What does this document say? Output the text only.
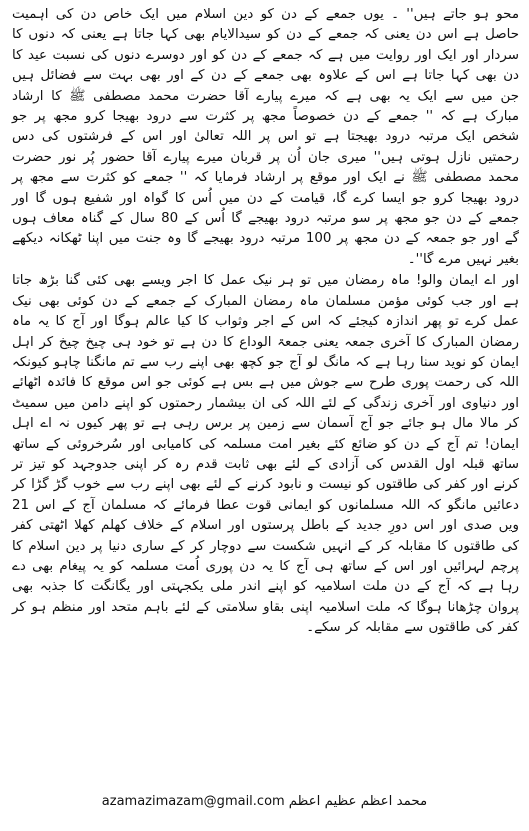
محو ہو جاتے ہیں'' ۔ یوں جمعے کے دن کو دین اسلام میں ایک خاص دن کی اہمیت حاصل ہے اس دن یعنی کہ جمعے کے دن کو سیدالایام بھی کہا جاتا ہے یعنی کہ دنوں کا سردار اور ایک اور روایت میں ہے کہ جمعے کے دن کو اور دوسرے دنوں کی نسبت عید کا دن بھی کہا جاتا ہے اس کے علاوہ بھی جمعے کے دن کے اور بھی بہت سے فضائل ہیں جن میں سے ایک یہ بھی ہے کہ میرے پیارے آقا حضرت محمد مصطفی ﷺ کا ارشاد مبارک ہے کہ '' جمعے کے دن خصوصاً مجھ پر کثرت سے درود بھیجا کرو مجھ پر جو شخص ایک مرتبہ درود بھیجتا ہے تو اس پر اللہ تعالیٰ اور اس کے فرشتوں کی دس رحمتیں نازل ہوتی ہیں'' میری جان اُن پر قربان میرے پیارے آقا حضور پُر نور حضرت محمد مصطفی ﷺ نے ایک اور موقع پر ارشاد فرمایا کہ '' جمعے کو کثرت سے مجھ پر درود بھیجا کرو جو ایسا کرے گا، قیامت کے دن میں اُس کا گواہ اور شفیع ہوں گا اور جمعے کے دن جو مجھ پر سو مرتبہ درود بھیجے گا اُس کے 80 سال کے گناہ معاف ہوں گے اور جو جمعہ کے دن مجھ پر 100 مرتبہ درود بھیجے گا وہ جنت میں اپنا ٹھکانہ دیکھے بغیر نہیں مرے گا''۔

اور اے ایمان والو! ماہ رمضان میں تو ہر نیک عمل کا اجر ویسے بھی کئی گنا بڑھ جاتا ہے اور جب کوئی مؤمن مسلمان ماہ رمضان المبارک کے جمعے کے دن کوئی بھی نیک عمل کرے تو پھر اندازہ کیجئے کہ اس کے اجر وثواب کا کیا عالم ہوگا اور آج کا یہ ماہ رمضان المبارک کا آخری جمعہ یعنی جمعۃ الوداع کا دن ہے تو خود ہی چیخ چیخ کر اہل ایمان کو نوید سنا رہا ہے کہ مانگ لو آج جو کچھ بھی اپنے رب سے تم مانگنا چاہو کیونکہ اللہ کی رحمت پوری طرح سے جوش میں ہے بس ہے کوئی جو اس موقع کا فائدہ اٹھائے اور دنیاوی اور آخری زندگی کے لئے اللہ کی ان بیشمار رحمتوں کو اپنے دامن میں سمیٹ کر مالا مال ہو جائے جو آج آسمان سے زمین پر برس رہی ہے تو پھر کیوں نہ اے اہل ایمان! تم آج کے دن کو ضائع کئے بغیر امت مسلمہ کی کامیابی اور سُرخروئی کے ساتھ ساتھ قبلہ اول القدس کی آزادی کے لئے بھی ثابت قدم رہ کر اپنی جدوجہد کو تیز تر کرنے اور کفر کی طاقتوں کو نیست و نابود کرنے کے لئے بھی اپنے رب سے خوب گڑ گڑا کر دعائیں مانگو کہ اللہ مسلمانوں کو ایمانی قوت عطا فرمائے کہ مسلمان آج کے اس 21 ویں صدی اور اس دورِ جدید کے باطل پرستوں اور اسلام کے خلاف کھلم کھلا اٹھتی کفر کی طاقتوں کا مقابلہ کر کے انہیں شکست سے دوچار کر کے ساری دنیا پر دین اسلام کا پرچم لہرائیں اور اس کے ساتھ ہی آج کا یہ دن پوری اُمت مسلمہ کو یہ پیغام بھی دے رہا ہے کہ آج کے دن ملت اسلامیہ کو اپنے اندر ملی یکجہتی اور یگانگت کا جذبہ بھی پروان چڑھانا ہوگا کہ ملت اسلامیہ اپنی بقاو سلامتی کے لئے باہم متحد اور منظم ہو کر کفر کی طاقتوں سے مقابلہ کر سکے۔

azamazimazam@gmail.com محمد اعظم عظیم اعظم
